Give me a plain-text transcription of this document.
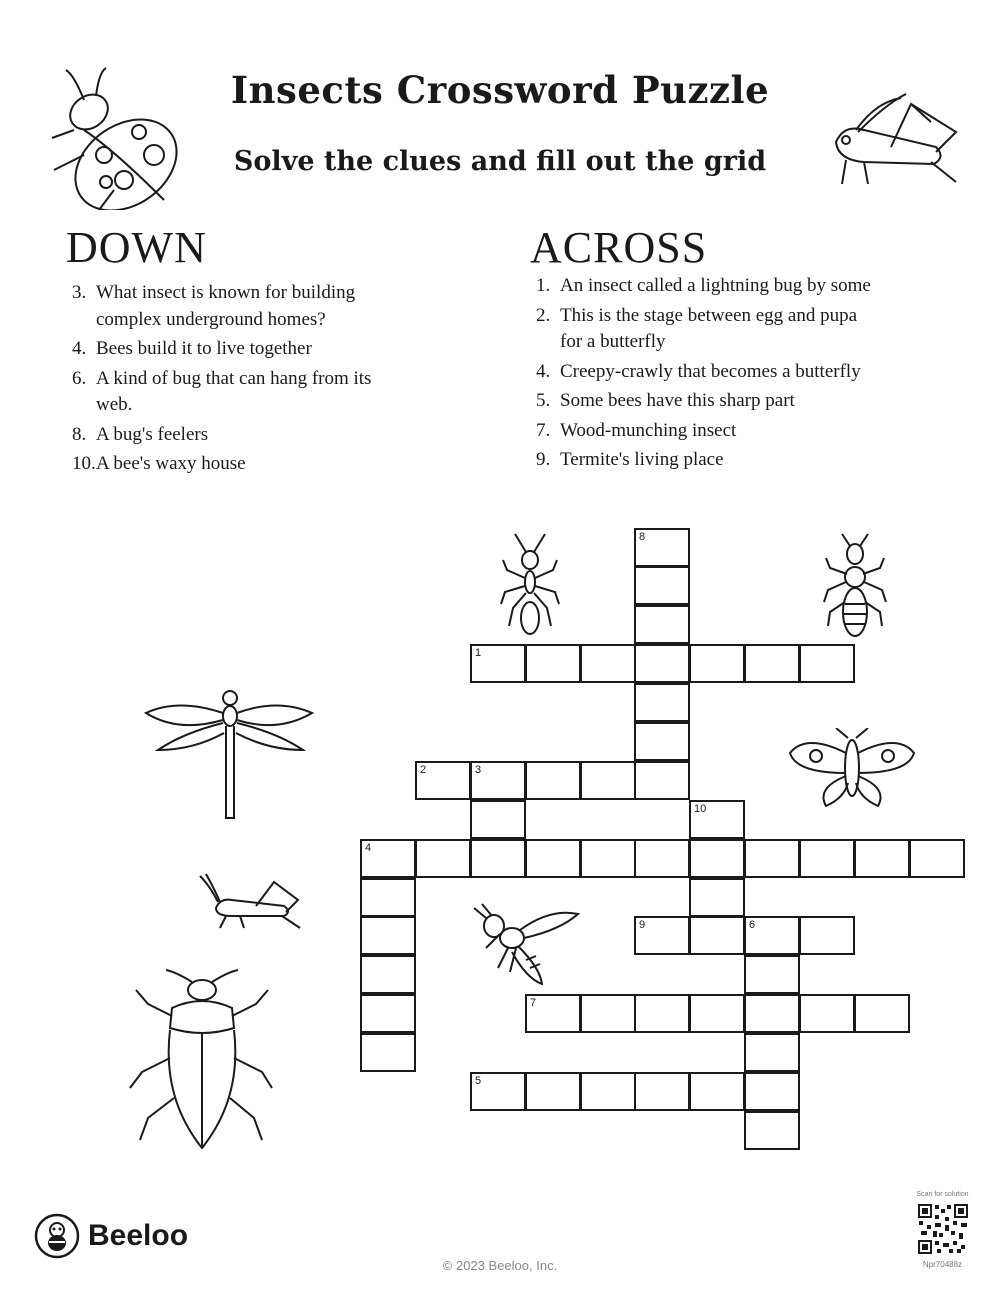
Insects Crossword Puzzle
Solve the clues and fill out the grid
DOWN
3. What insect is known for building complex underground homes?
4. Bees build it to live together
6. A kind of bug that can hang from its web.
8. A bug's feelers
10.A bee's waxy house
ACROSS
1. An insect called a lightning bug by some
2. This is the stage between egg and pupa for a butterfly
4. Creepy-crawly that becomes a butterfly
5. Some bees have this sharp part
7. Wood-munching insect
9. Termite's living place
8
1
2	3
10
4
9	6
7
5
Beeloo
© 2023 Beeloo, Inc.
Scan for solution
Npr70488z
